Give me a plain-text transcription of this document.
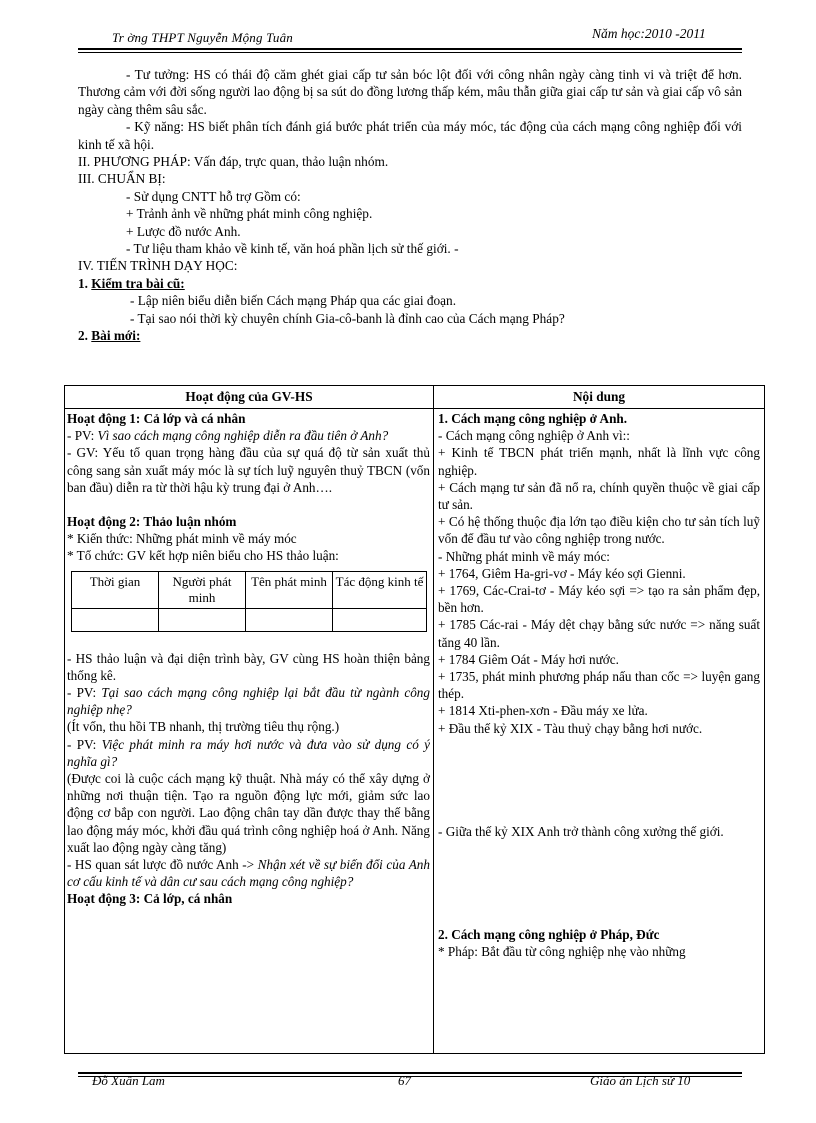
Tr ờng THPT Nguyễn Mộng Tuân	Năm học:2010 -2011

- Tư tưởng: HS có thái độ căm ghét giai cấp tư sản bóc lột đối với công nhân ngày càng tinh vi và triệt để hơn. Thương cảm với đời sống người lao động bị sa sút do đồng lương thấp kém, mâu thẫn giữa giai cấp tư sản và giai cấp vô sản ngày càng thêm sâu sắc.

- Kỹ năng: HS biết phân tích đánh giá bước phát triển của máy móc, tác động của cách mạng công nghiệp đối với kinh tế xã hội.

II. PHƯƠNG PHÁP: Vấn đáp, trực quan, thảo luận nhóm.

III. CHUẨN BỊ:

- Sử dụng CNTT hỗ trợ Gồm có:

+ Trảnh ảnh về những phát minh công nghiệp.

+ Lược đồ nước Anh.

- Tư liệu tham khảo về kinh tế, văn hoá phần lịch sử thế giới. -

IV. TIẾN TRÌNH DẠY HỌC:

1. Kiểm tra bài cũ:

- Lập niên biểu diễn biến Cách mạng Pháp qua các giai đoạn.

- Tại sao nói thời kỳ chuyên chính Gia-cô-banh là đỉnh cao của Cách mạng Pháp?

2. Bài mới:

Hoạt động của GV-HS	Nội dung

Hoạt động 1: Cả lớp và cá nhân

- PV: Vì sao cách mạng công nghiệp diễn ra đầu tiên ở Anh?

- GV: Yếu tố quan trọng hàng đầu của sự quá độ từ sản xuất thủ công sang sản xuất máy móc là sự tích luỹ nguyên thuỷ TBCN (vốn ban đầu) diễn ra từ thời hậu kỳ trung đại ở Anh….

Hoạt động 2: Thảo luận nhóm

* Kiến thức: Những phát minh về máy móc

* Tổ chức: GV kết hợp niên biểu cho HS thảo luận:

Thời gian	Người phát minh	Tên phát minh	Tác động kinh tế

- HS thảo luận và đại diện trình bày, GV cùng HS hoàn thiện bảng thống kê.

- PV: Tại sao cách mạng công nghiệp lại bắt đầu từ ngành công nghiệp nhẹ?

(Ít vốn, thu hồi TB nhanh, thị trường tiêu thụ rộng.)

- PV: Việc phát minh ra máy hơi nước và đưa vào sử dụng có ý nghĩa gì?

(Được coi là cuộc cách mạng kỹ thuật. Nhà máy có thể xây dựng ở những nơi thuận tiện. Tạo ra nguồn động lực mới, giảm sức lao động cơ bắp con người. Lao động chân tay dần được thay thế bằng lao động máy móc, khởi đầu quá trình công nghiệp hoá ở Anh. Năng xuất lao động ngày càng tăng)

- HS quan sát lược đồ nước Anh -> Nhận xét về sự biến đổi của Anh cơ cấu kinh tế và dân cư sau cách mạng công nghiệp?

Hoạt động 3: Cả lớp, cá nhân

1. Cách mạng công nghiệp ở Anh.

- Cách mạng công nghiệp ở Anh vì::

+ Kinh tế TBCN phát triển mạnh, nhất là lĩnh vực công nghiệp.

+ Cách mạng tư sản đã nổ ra, chính quyền thuộc về giai cấp tư sản.

+ Có hệ thống thuộc địa lớn tạo điều kiện cho tư sản tích luỹ vốn để đầu tư vào công nghiệp trong nước.

- Những phát minh về máy móc:

+ 1764, Giêm Ha-gri-vơ - Máy kéo sợi Gienni.

+ 1769, Các-Crai-tơ - Máy kéo sợi => tạo ra sản phẩm đẹp, bền hơn.

+ 1785 Các-rai - Máy dệt chạy bằng sức nước => năng suất tăng 40 lần.

+ 1784 Giêm Oát - Máy hơi nước.

+ 1735, phát minh phương pháp nấu than cốc => luyện gang thép.

+ 1814 Xti-phen-xơn - Đầu máy xe lửa.

+ Đầu thế kỷ XIX - Tàu thuỷ chạy bằng hơi nước.

- Giữa thế kỷ XIX Anh trở thành công xưởng thế giới.

2. Cách mạng công nghiệp ở Pháp, Đức

* Pháp: Bắt đầu từ công nghiệp nhẹ vào những

Đỗ Xuân Lam	67	Giáo án Lịch sử 10
